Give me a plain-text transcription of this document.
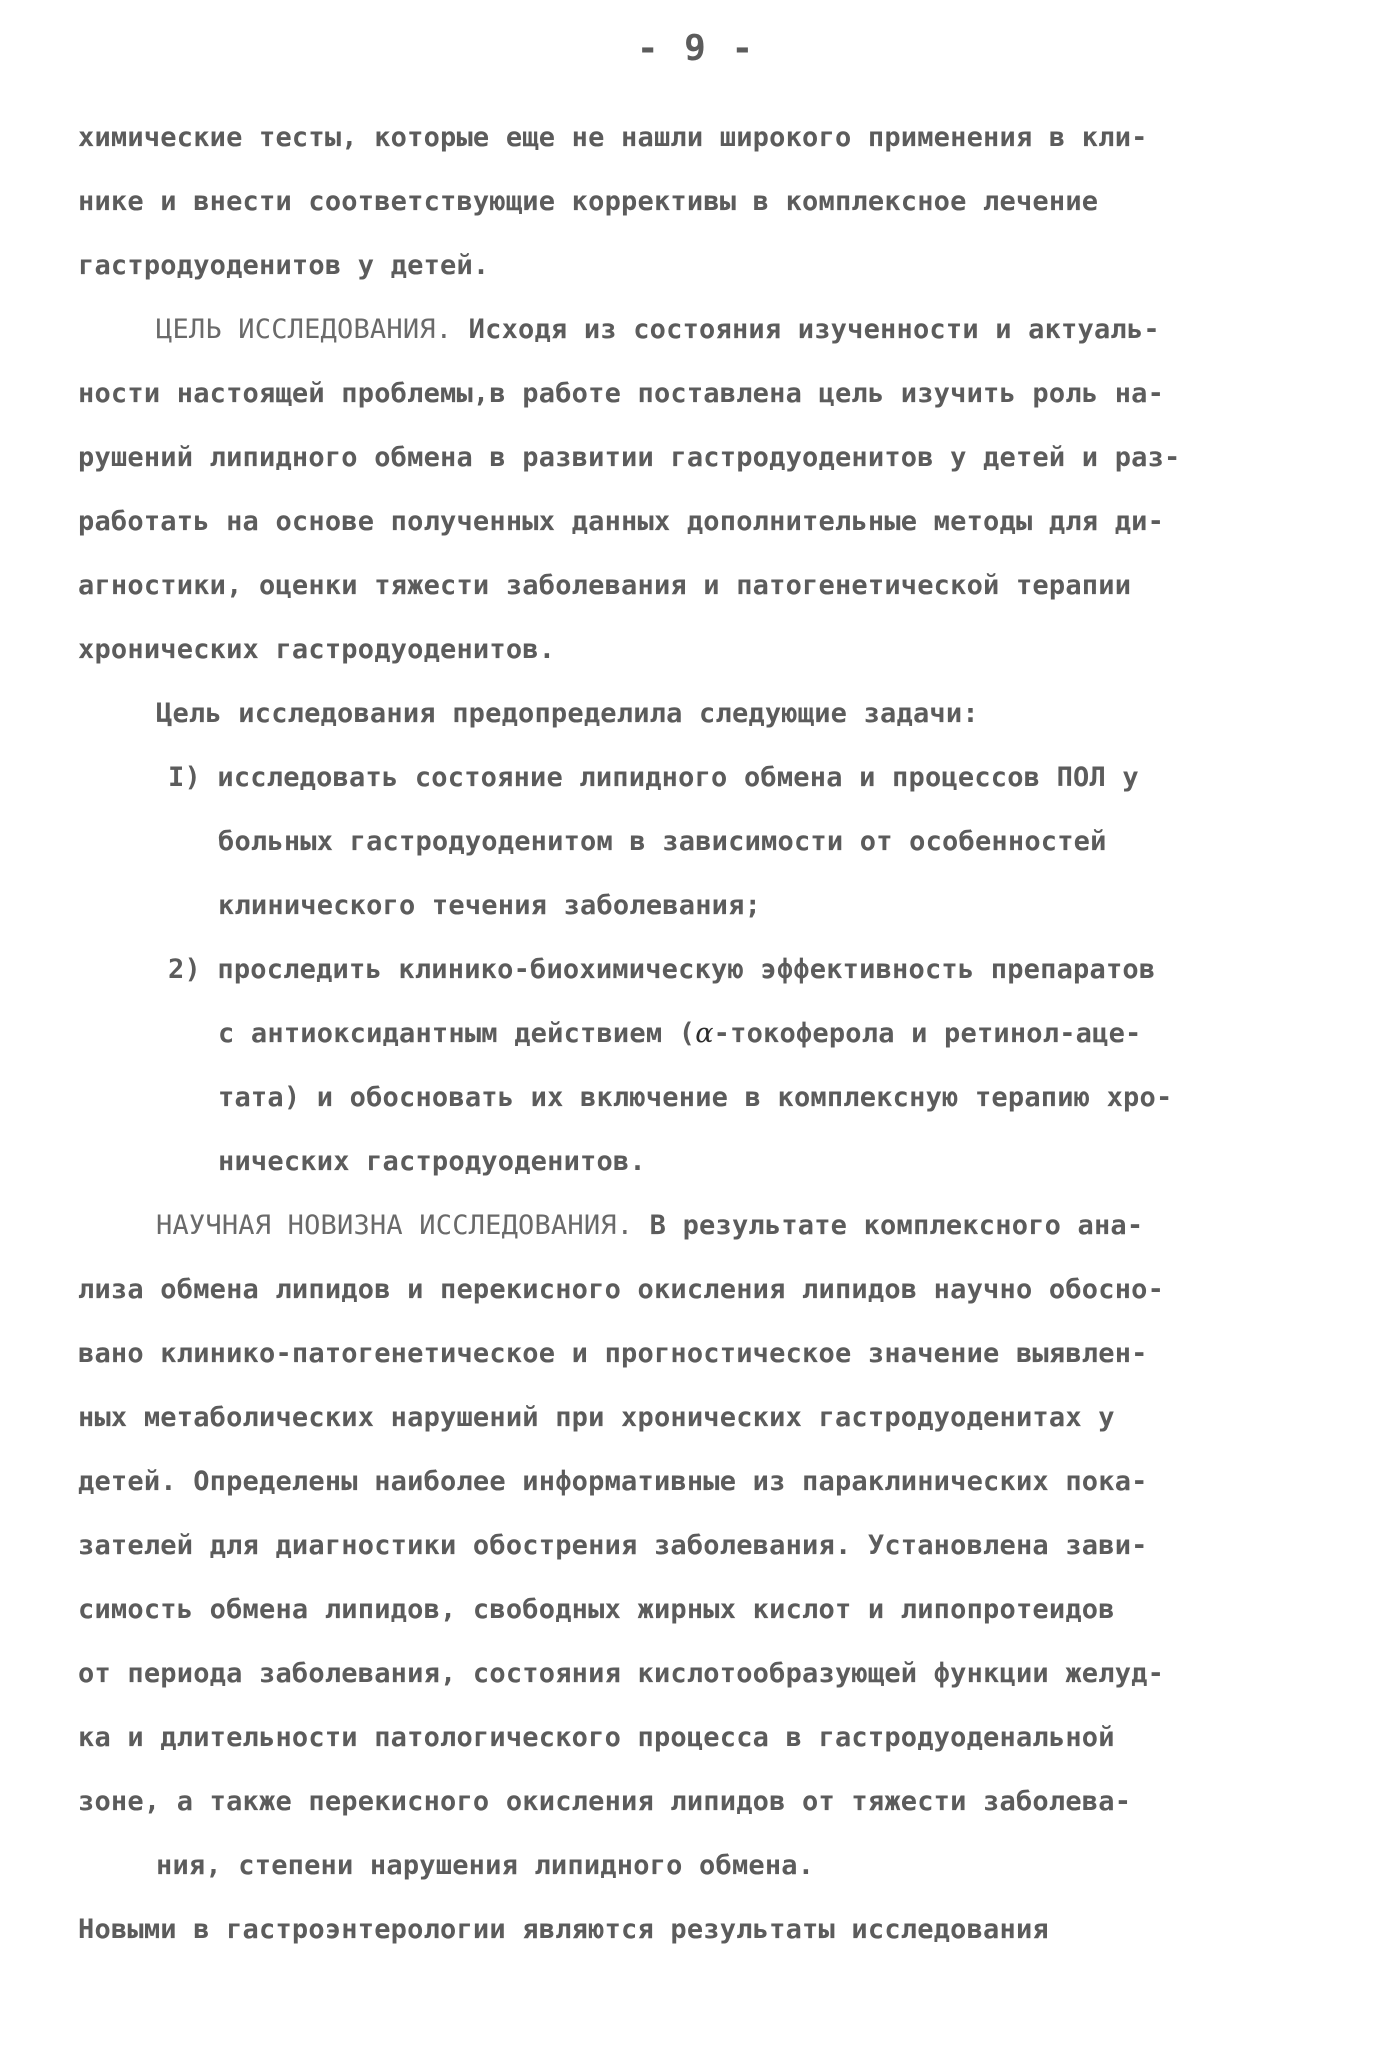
- 9 -
химические тесты, которые еще не нашли широкого применения в кли-
нике и внести соответствующие коррективы в комплексное лечение
гастродуоденитов у детей.
ЦЕЛЬ ИССЛЕДОВАНИЯ. Исходя из состояния изученности и актуаль-
ности настоящей проблемы,в работе поставлена цель изучить роль на-
рушений липидного обмена в развитии гастродуоденитов у детей и раз-
работать на основе полученных данных дополнительные методы для ди-
агностики, оценки тяжести заболевания и патогенетической терапии
хронических гастродуоденитов.
Цель исследования предопределила следующие задачи:
I) исследовать состояние липидного обмена и процессов ПОЛ у
больных гастродуоденитом в зависимости от особенностей
клинического течения заболевания;
2) проследить клинико-биохимическую эффективность препаратов
с антиоксидантным действием (α-токоферола и ретинол-аце-
тата) и обосновать их включение в комплексную терапию хро-
нических гастродуоденитов.
НАУЧНАЯ НОВИЗНА ИССЛЕДОВАНИЯ. В результате комплексного ана-
лиза обмена липидов и перекисного окисления липидов научно обосно-
вано клинико-патогенетическое и прогностическое значение выявлен-
ных метаболических нарушений при хронических гастродуоденитах у
детей. Определены наиболее информативные из параклинических пока-
зателей для диагностики обострения заболевания. Установлена зави-
симость обмена липидов, свободных жирных кислот и липопротеидов
от периода заболевания, состояния кислотообразующей функции желуд-
ка и длительности патологического процесса в гастродуоденальной
зоне, а также перекисного окисления липидов от тяжести заболева-
ния, степени нарушения липидного обмена.
Новыми в гастроэнтерологии являются результаты исследования
